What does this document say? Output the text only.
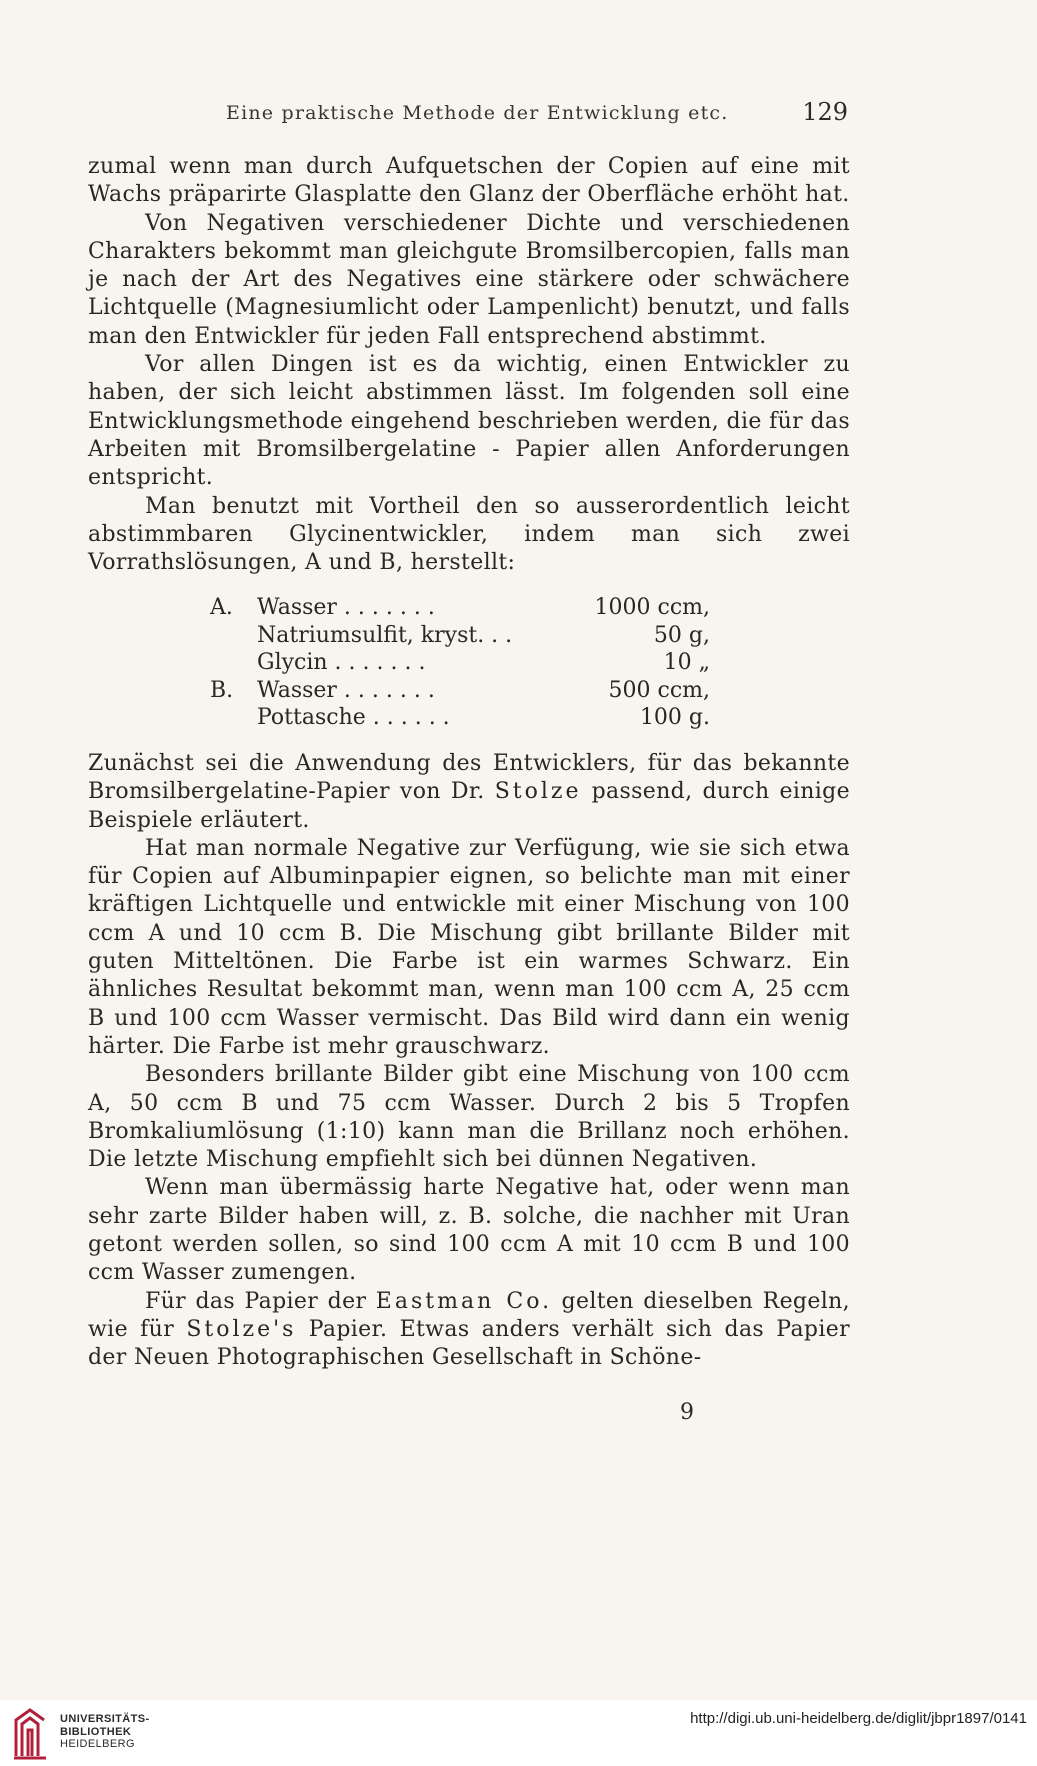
Eine praktische Methode der Entwicklung etc.	129

zumal wenn man durch Aufquetschen der Copien auf eine mit Wachs präparirte Glasplatte den Glanz der Oberfläche erhöht hat.

Von Negativen verschiedener Dichte und verschiedenen Charakters bekommt man gleichgute Bromsilbercopien, falls man je nach der Art des Negatives eine stärkere oder schwächere Lichtquelle (Magnesiumlicht oder Lampenlicht) benutzt, und falls man den Entwickler für jeden Fall entsprechend abstimmt.

Vor allen Dingen ist es da wichtig, einen Entwickler zu haben, der sich leicht abstimmen lässt. Im folgenden soll eine Entwicklungsmethode eingehend beschrieben werden, die für das Arbeiten mit Bromsilbergelatine - Papier allen Anforderungen entspricht.

Man benutzt mit Vortheil den so ausserordentlich leicht abstimmbaren Glycinentwickler, indem man sich zwei Vorrathslösungen, A und B, herstellt:

A. Wasser . . . . . . .	1000 ccm,
Natriumsulfit, kryst. . .	50 g,
Glycin . . . . . . .	10 „
B. Wasser . . . . . . .	500 ccm,
Pottasche . . . . . .	100 g.

Zunächst sei die Anwendung des Entwicklers, für das bekannte Bromsilbergelatine-Papier von Dr. Stolze passend, durch einige Beispiele erläutert.

Hat man normale Negative zur Verfügung, wie sie sich etwa für Copien auf Albuminpapier eignen, so belichte man mit einer kräftigen Lichtquelle und entwickle mit einer Mischung von 100 ccm A und 10 ccm B. Die Mischung gibt brillante Bilder mit guten Mitteltönen. Die Farbe ist ein warmes Schwarz. Ein ähnliches Resultat bekommt man, wenn man 100 ccm A, 25 ccm B und 100 ccm Wasser vermischt. Das Bild wird dann ein wenig härter. Die Farbe ist mehr grauschwarz.

Besonders brillante Bilder gibt eine Mischung von 100 ccm A, 50 ccm B und 75 ccm Wasser. Durch 2 bis 5 Tropfen Bromkaliumlösung (1:10) kann man die Brillanz noch erhöhen. Die letzte Mischung empfiehlt sich bei dünnen Negativen.

Wenn man übermässig harte Negative hat, oder wenn man sehr zarte Bilder haben will, z. B. solche, die nachher mit Uran getont werden sollen, so sind 100 ccm A mit 10 ccm B und 100 ccm Wasser zumengen.

Für das Papier der Eastman Co. gelten dieselben Regeln, wie für Stolze's Papier. Etwas anders verhält sich das Papier der Neuen Photographischen Gesellschaft in Schöne-

9
UNIVERSITÄTS-
BIBLIOTHEK
HEIDELBERG
http://digi.ub.uni-heidelberg.de/diglit/jbpr1897/0141
